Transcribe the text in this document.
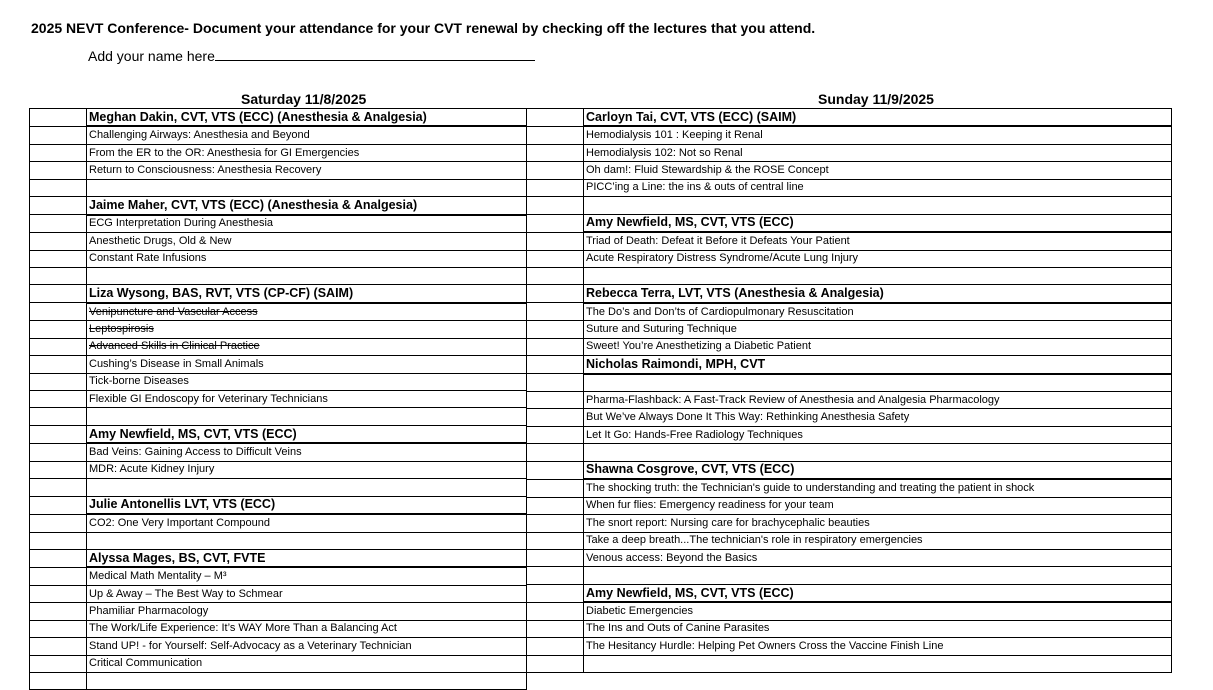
2025 NEVT Conference- Document your attendance for your CVT renewal by checking off the lectures that you attend.
Add your name here
Saturday 11/8/2025	Sunday 11/9/2025
	Meghan Dakin, CVT, VTS (ECC) (Anesthesia & Analgesia)
	Challenging Airways: Anesthesia and Beyond
	From the ER to the OR: Anesthesia for GI Emergencies
	Return to Consciousness: Anesthesia Recovery

	Jaime Maher, CVT, VTS (ECC) (Anesthesia & Analgesia)
	ECG Interpretation During Anesthesia
	Anesthetic Drugs, Old & New
	Constant Rate Infusions

	Liza Wysong, BAS, RVT, VTS (CP-CF) (SAIM)
	Venipuncture and Vascular Access
	Leptospirosis
	Advanced Skills in Clinical Practice
	Cushing’s Disease in Small Animals
	Tick-borne Diseases
	Flexible GI Endoscopy for Veterinary Technicians

	Amy Newfield, MS, CVT, VTS (ECC)
	Bad Veins: Gaining Access to Difficult Veins
	MDR: Acute Kidney Injury

	Julie Antonellis LVT, VTS (ECC)
	CO2: One Very Important Compound

	Alyssa Mages, BS, CVT, FVTE
	Medical Math Mentality – M³
	Up & Away – The Best Way to Schmear
	Phamiliar Pharmacology
	The Work/Life Experience: It’s WAY More Than a Balancing Act
	Stand UP! - for Yourself: Self-Advocacy as a Veterinary Technician
	Critical Communication

	Carloyn Tai, CVT, VTS (ECC) (SAIM)
	Hemodialysis 101 : Keeping it Renal
	Hemodialysis 102: Not so Renal
	Oh dam!: Fluid Stewardship & the ROSE Concept
	PICC’ing a Line: the ins & outs of central line

	Amy Newfield, MS, CVT, VTS (ECC)
	Triad of Death: Defeat it Before it Defeats Your Patient
	Acute Respiratory Distress Syndrome/Acute Lung Injury

	Rebecca Terra, LVT, VTS (Anesthesia & Analgesia)
	The Do’s and Don’ts of Cardiopulmonary Resuscitation
	Suture and Suturing Technique
	Sweet! You’re Anesthetizing a Diabetic Patient
	Nicholas Raimondi, MPH, CVT

	Pharma-Flashback: A Fast-Track Review of Anesthesia and Analgesia Pharmacology
	But We’ve Always Done It This Way: Rethinking Anesthesia Safety
	Let It Go: Hands-Free Radiology Techniques

	Shawna Cosgrove, CVT, VTS (ECC)
	The shocking truth: the Technician's guide to understanding and treating the patient in shock
	When fur flies: Emergency readiness for your team
	The snort report: Nursing care for brachycephalic beauties
	Take a deep breath...The technician's role in respiratory emergencies
	Venous access: Beyond the Basics

	Amy Newfield, MS, CVT, VTS (ECC)
	Diabetic Emergencies
	The Ins and Outs of Canine Parasites
	The Hesitancy Hurdle: Helping Pet Owners Cross the Vaccine Finish Line
